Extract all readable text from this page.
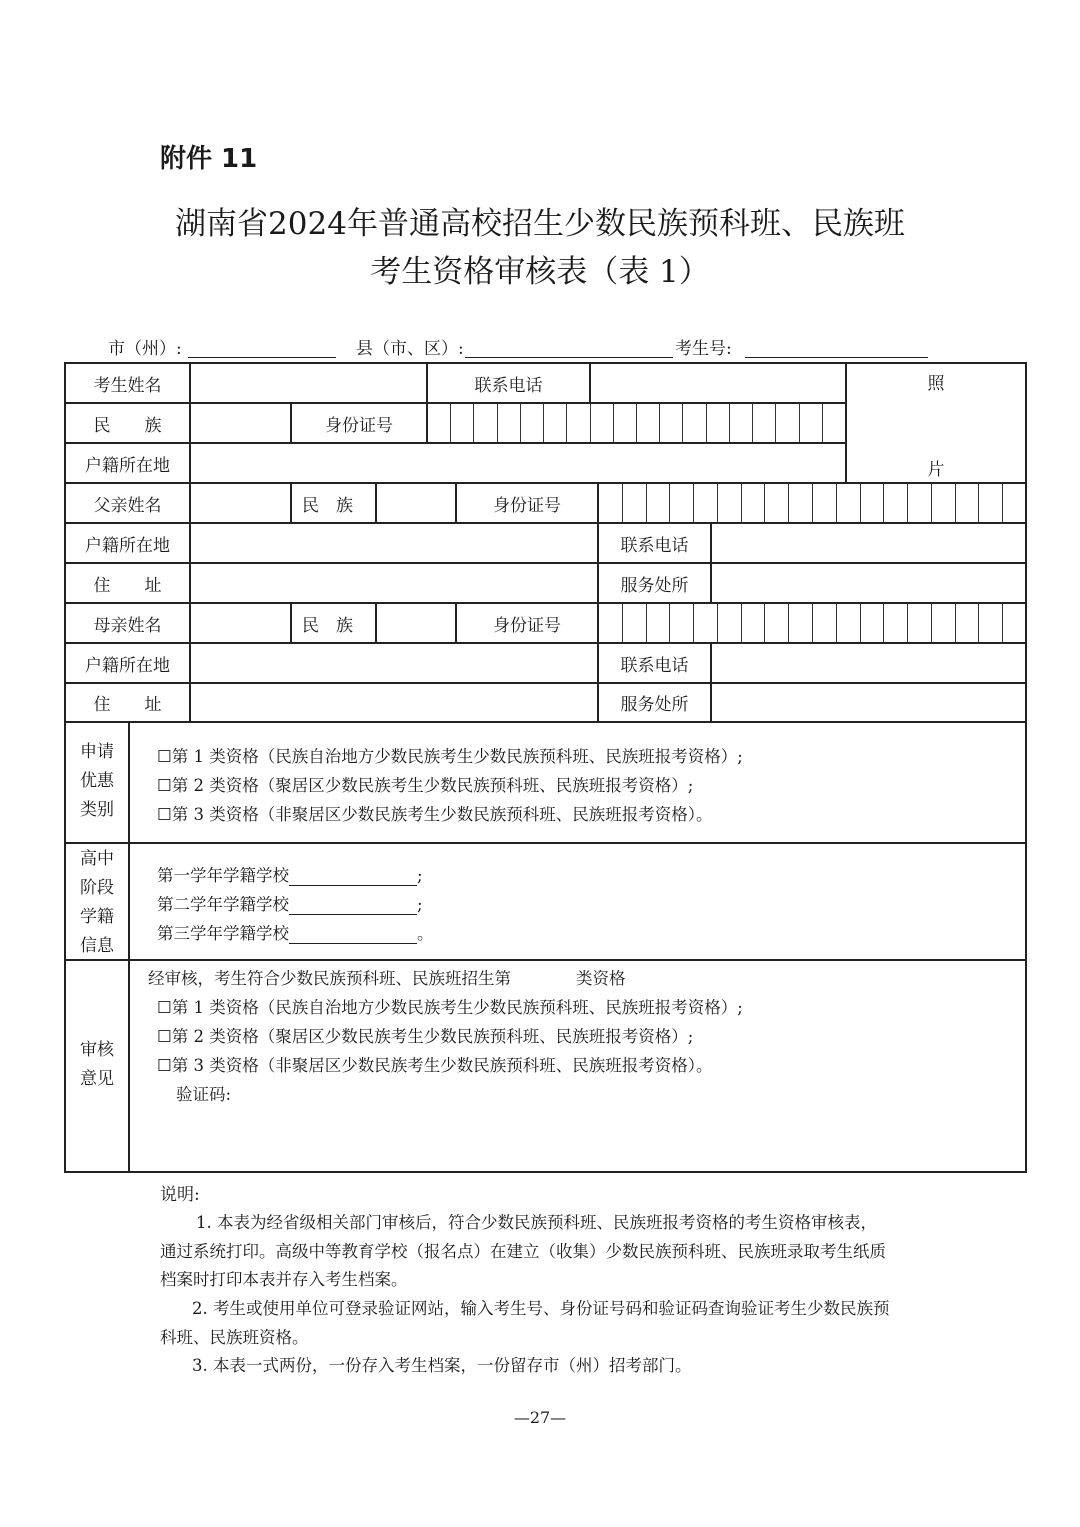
附件 11
湖南省2024年普通高校招生少数民族预科班、民族班
考生资格审核表（表 1）
市（州）:	县（市、区）:	考生号:
考生姓名	联系电话	照
片
民　　族	身份证号
户籍所在地
父亲姓名	民　族	身份证号
户籍所在地	联系电话
住　　址	服务处所
母亲姓名	民　族	身份证号
户籍所在地	联系电话
住　　址	服务处所
申请
优惠
类别
☐第 1 类资格（民族自治地方少数民族考生少数民族预科班、民族班报考资格）;
☐第 2 类资格（聚居区少数民族考生少数民族预科班、民族班报考资格）;
☐第 3 类资格（非聚居区少数民族考生少数民族预科班、民族班报考资格）。
高中
阶段
学籍
信息
第一学年学籍学校	;
第二学年学籍学校	;
第三学年学籍学校	。
审核
意见
经审核，考生符合少数民族预科班、民族班招生第	类资格
☐第 1 类资格（民族自治地方少数民族考生少数民族预科班、民族班报考资格）;
☐第 2 类资格（聚居区少数民族考生少数民族预科班、民族班报考资格）;
☐第 3 类资格（非聚居区少数民族考生少数民族预科班、民族班报考资格）。
验证码:
说明:
1. 本表为经省级相关部门审核后，符合少数民族预科班、民族班报考资格的考生资格审核表，
通过系统打印。高级中等教育学校（报名点）在建立（收集）少数民族预科班、民族班录取考生纸质
档案时打印本表并存入考生档案。
2. 考生或使用单位可登录验证网站，输入考生号、身份证号码和验证码查询验证考生少数民族预
科班、民族班资格。
3. 本表一式两份，一份存入考生档案，一份留存市（州）招考部门。
—27—
